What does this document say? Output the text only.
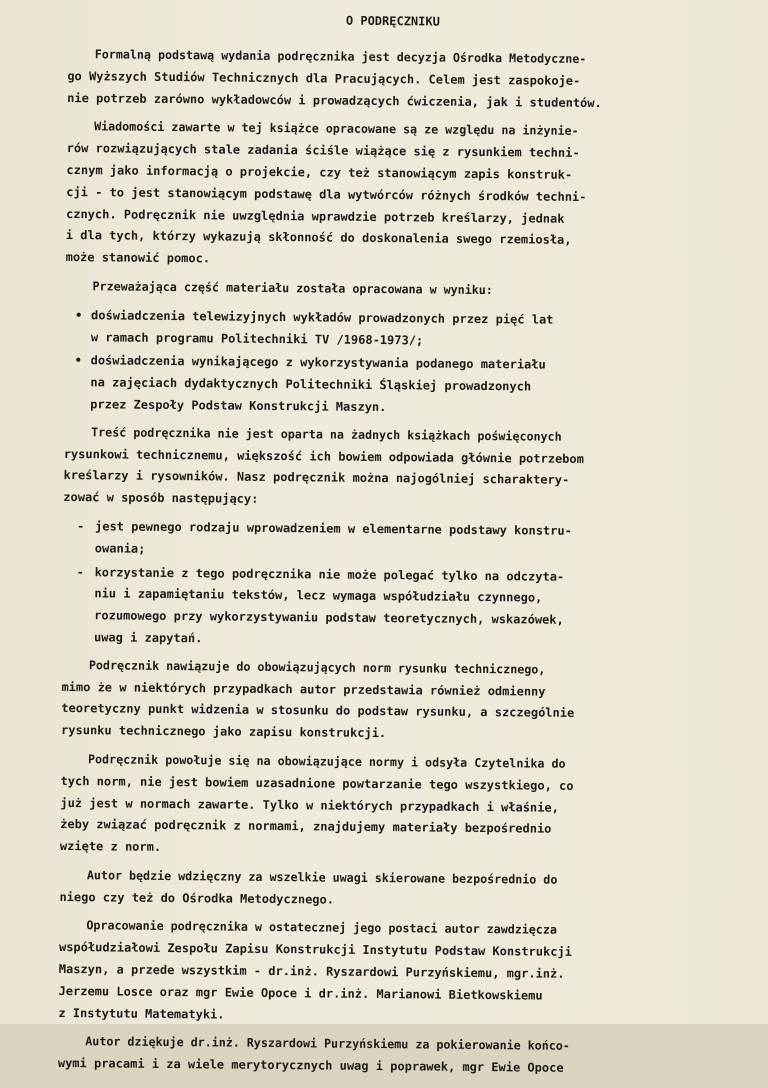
O PODRĘCZNIKU
Formalną podstawą wydania podręcznika jest decyzja Ośrodka Metodyczne-
go Wyższych Studiów Technicznych dla Pracujących. Celem jest zaspokoje-
nie potrzeb zarówno wykładowców i prowadzących ćwiczenia, jak i studentów.
Wiadomości zawarte w tej książce opracowane są ze względu na inżynie-
rów rozwiązujących stale zadania ściśle wiążące się z rysunkiem techni-
cznym jako informacją o projekcie, czy też stanowiącym zapis konstruk-
cji - to jest stanowiącym podstawę dla wytwórców różnych środków techni-
cznych. Podręcznik nie uwzględnia wprawdzie potrzeb kreślarzy, jednak
i dla tych, którzy wykazują skłonność do doskonalenia swego rzemiosła,
może stanowić pomoc.
Przeważająca część materiału została opracowana w wyniku:
• doświadczenia telewizyjnych wykładów prowadzonych przez pięć lat
w ramach programu Politechniki TV /1968-1973/;
• doświadczenia wynikającego z wykorzystywania podanego materiału
na zajęciach dydaktycznych Politechniki Śląskiej prowadzonych
przez Zespoły Podstaw Konstrukcji Maszyn.
Treść podręcznika nie jest oparta na żadnych książkach poświęconych
rysunkowi technicznemu, większość ich bowiem odpowiada głównie potrzebom
kreślarzy i rysowników. Nasz podręcznik można najogólniej scharaktery-
zować w sposób następujący:
- jest pewnego rodzaju wprowadzeniem w elementarne podstawy konstru-
owania;
- korzystanie z tego podręcznika nie może polegać tylko na odczyta-
niu i zapamiętaniu tekstów, lecz wymaga współudziału czynnego,
rozumowego przy wykorzystywaniu podstaw teoretycznych, wskazówek,
uwag i zapytań.
Podręcznik nawiązuje do obowiązujących norm rysunku technicznego,
mimo że w niektórych przypadkach autor przedstawia również odmienny
teoretyczny punkt widzenia w stosunku do podstaw rysunku, a szczególnie
rysunku technicznego jako zapisu konstrukcji.
Podręcznik powołuje się na obowiązujące normy i odsyła Czytelnika do
tych norm, nie jest bowiem uzasadnione powtarzanie tego wszystkiego, co
już jest w normach zawarte. Tylko w niektórych przypadkach i właśnie,
żeby związać podręcznik z normami, znajdujemy materiały bezpośrednio
wzięte z norm.
Autor będzie wdzięczny za wszelkie uwagi skierowane bezpośrednio do
niego czy też do Ośrodka Metodycznego.
Opracowanie podręcznika w ostatecznej jego postaci autor zawdzięcza
współudziałowi Zespołu Zapisu Konstrukcji Instytutu Podstaw Konstrukcji
Maszyn, a przede wszystkim - dr.inż. Ryszardowi Purzyńskiemu, mgr.inż.
Jerzemu Losce oraz mgr Ewie Opoce i dr.inż. Marianowi Bietkowskiemu
z Instytutu Matematyki.
Autor dziękuje dr.inż. Ryszardowi Purzyńskiemu za pokierowanie końco-
wymi pracami i za wiele merytorycznych uwag i poprawek, mgr Ewie Opoce
